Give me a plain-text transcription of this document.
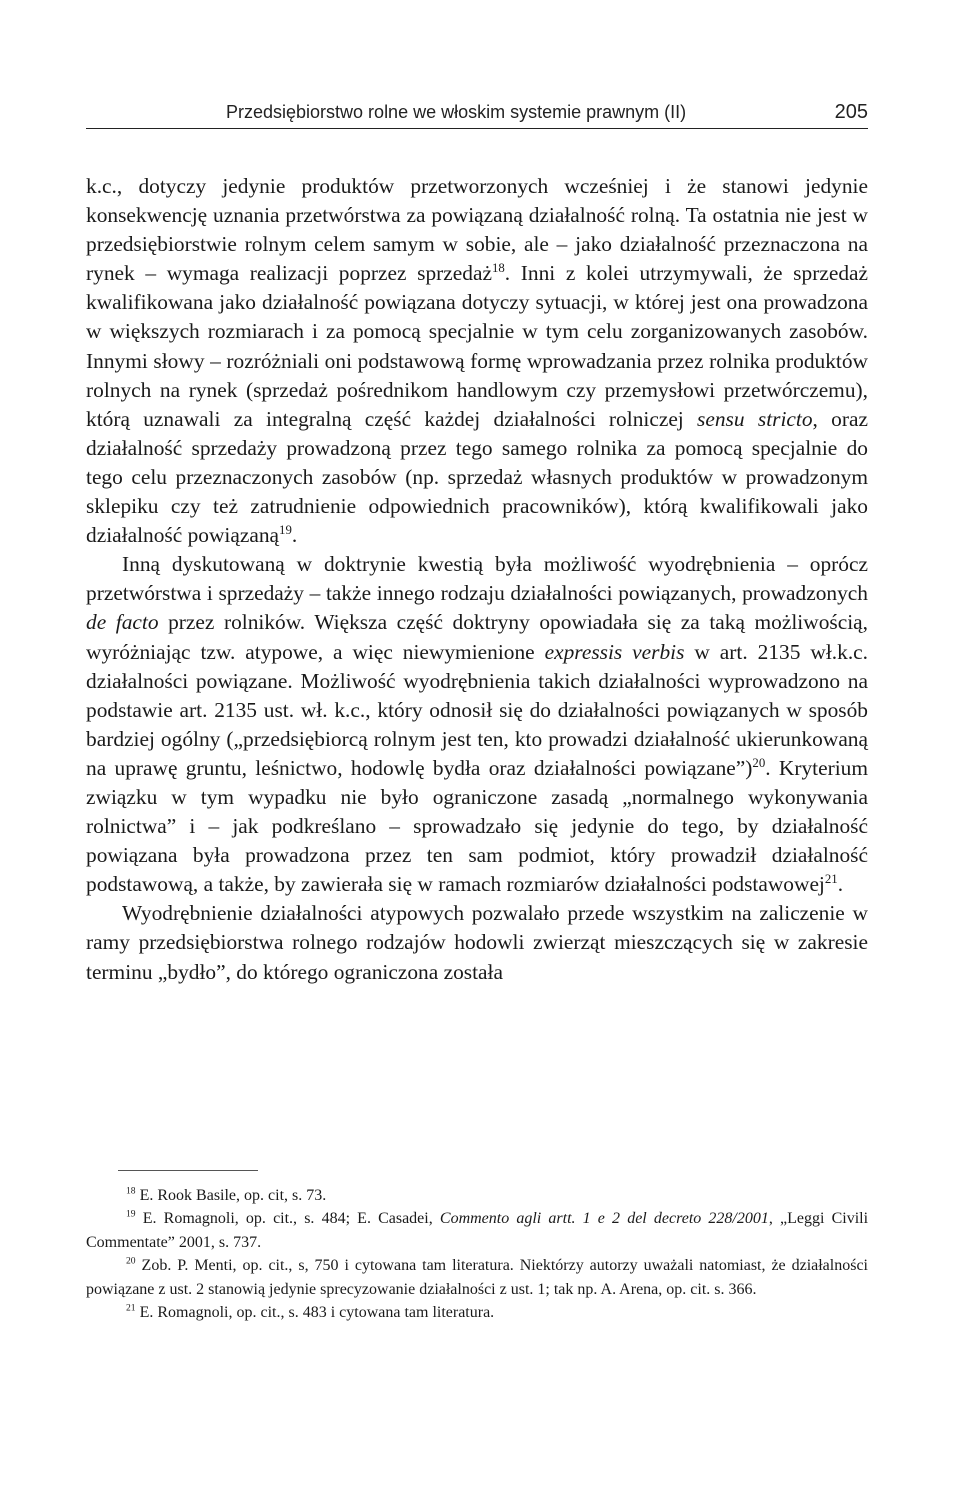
Przedsiębiorstwo rolne we włoskim systemie prawnym (II)	205

k.c., dotyczy jedynie produktów przetworzonych wcześniej i że stanowi jedynie konsekwencję uznania przetwórstwa za powiązaną działalność rolną. Ta ostatnia nie jest w przedsiębiorstwie rolnym celem samym w sobie, ale – jako działalność przeznaczona na rynek – wymaga realizacji poprzez sprzedaż$^{18}$. Inni z kolei utrzymywali, że sprzedaż kwalifikowana jako działalność powiązana dotyczy sytuacji, w której jest ona prowadzona w większych rozmiarach i za pomocą specjalnie w tym celu zorganizowanych zasobów. Innymi słowy – rozróżniali oni podstawową formę wprowadzania przez rolnika produktów rolnych na rynek (sprzedaż pośrednikom handlowym czy przemysłowi przetwórczemu), którą uznawali za integralną część każdej działalności rolniczej sensu stricto, oraz działalność sprzedaży prowadzoną przez tego samego rolnika za pomocą specjalnie do tego celu przeznaczonych zasobów (np. sprzedaż własnych produktów w prowadzonym sklepiku czy też zatrudnienie odpowiednich pracowników), którą kwalifikowali jako działalność powiązaną$^{19}$.

Inną dyskutowaną w doktrynie kwestią była możliwość wyodrębnienia – oprócz przetwórstwa i sprzedaży – także innego rodzaju działalności powiązanych, prowadzonych de facto przez rolników. Większa część doktryny opowiadała się za taką możliwością, wyróżniając tzw. atypowe, a więc niewymienione expressis verbis w art. 2135 wł.k.c. działalności powiązane. Możliwość wyodrębnienia takich działalności wyprowadzono na podstawie art. 2135 ust. wł. k.c., który odnosił się do działalności powiązanych w sposób bardziej ogólny („przedsiębiorcą rolnym jest ten, kto prowadzi działalność ukierunkowaną na uprawę gruntu, leśnictwo, hodowlę bydła oraz działalności powiązane”)$^{20}$. Kryterium związku w tym wypadku nie było ograniczone zasadą „normalnego wykonywania rolnictwa” i – jak podkreślano – sprowadzało się jedynie do tego, by działalność powiązana była prowadzona przez ten sam podmiot, który prowadził działalność podstawową, a także, by zawierała się w ramach rozmiarów działalności podstawowej$^{21}$.

Wyodrębnienie działalności atypowych pozwalało przede wszystkim na zaliczenie w ramy przedsiębiorstwa rolnego rodzajów hodowli zwierząt mieszczących się w zakresie terminu „bydło”, do którego ograniczona została

$^{18}$ E. Rook Basile, op. cit, s. 73.

$^{19}$ E. Romagnoli, op. cit., s. 484; E. Casadei, Commento agli artt. 1 e 2 del decreto 228/2001, „Leggi Civili Commentate” 2001, s. 737.

$^{20}$ Zob. P. Menti, op. cit., s, 750 i cytowana tam literatura. Niektórzy autorzy uważali natomiast, że działalności powiązane z ust. 2 stanowią jedynie sprecyzowanie działalności z ust. 1; tak np. A. Arena, op. cit. s. 366.

$^{21}$ E. Romagnoli, op. cit., s. 483 i cytowana tam literatura.
